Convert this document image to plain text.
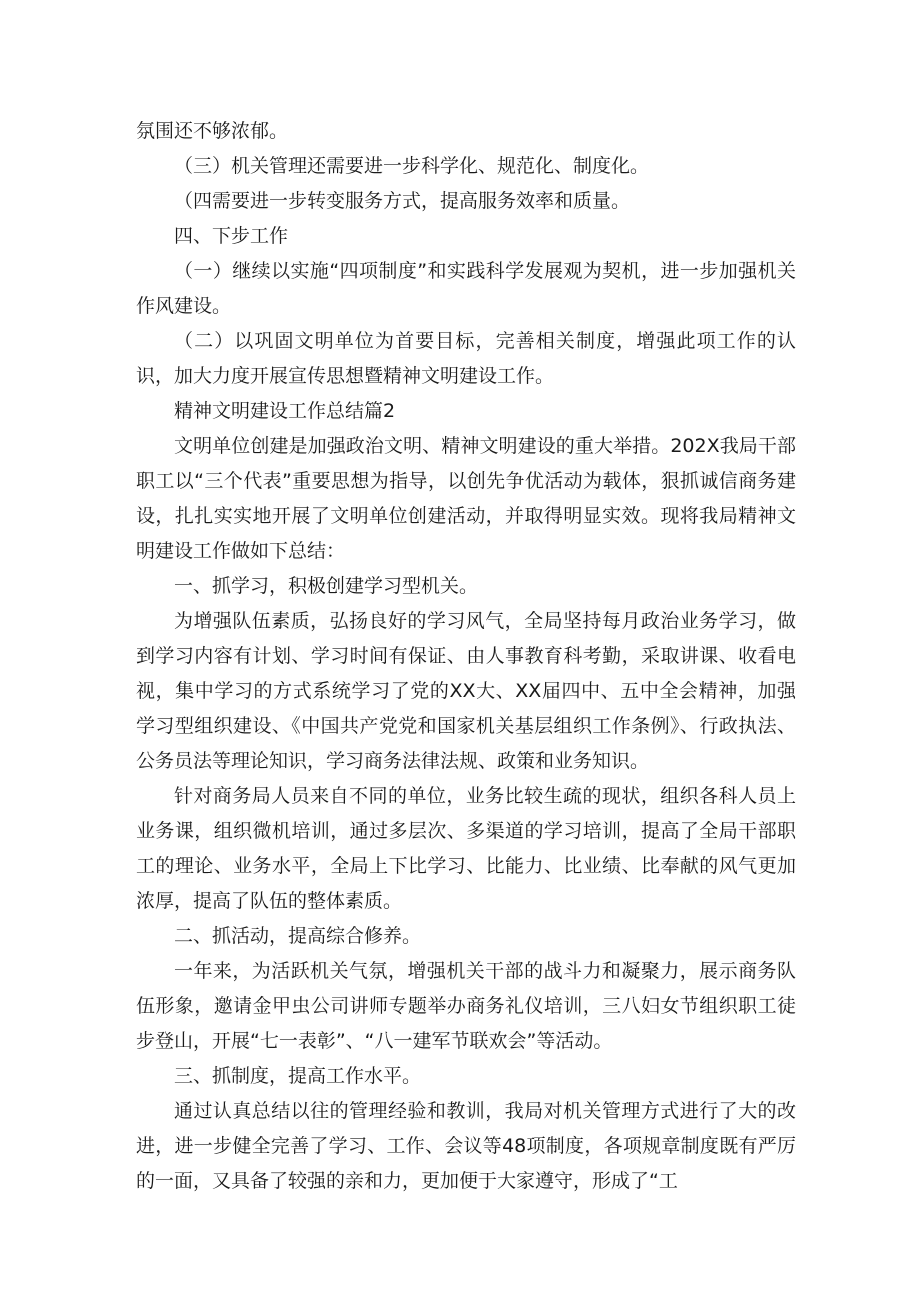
氛围还不够浓郁。

（三）机关管理还需要进一步科学化、规范化、制度化。

（四需要进一步转变服务方式，提高服务效率和质量。

四、下步工作

（一）继续以实施“四项制度”和实践科学发展观为契机，进一步加强机关作风建设。

（二）以巩固文明单位为首要目标，完善相关制度，增强此项工作的认识，加大力度开展宣传思想暨精神文明建设工作。

精神文明建设工作总结篇2

文明单位创建是加强政治文明、精神文明建设的重大举措。202X我局干部职工以“三个代表”重要思想为指导，以创先争优活动为载体，狠抓诚信商务建设，扎扎实实地开展了文明单位创建活动，并取得明显实效。现将我局精神文明建设工作做如下总结：

一、抓学习，积极创建学习型机关。

为增强队伍素质，弘扬良好的学习风气，全局坚持每月政治业务学习，做到学习内容有计划、学习时间有保证、由人事教育科考勤，采取讲课、收看电视，集中学习的方式系统学习了党的XX大、XX届四中、五中全会精神，加强学习型组织建设、《中国共产党党和国家机关基层组织工作条例》、行政执法、公务员法等理论知识，学习商务法律法规、政策和业务知识。

针对商务局人员来自不同的单位，业务比较生疏的现状，组织各科人员上业务课，组织微机培训，通过多层次、多渠道的学习培训，提高了全局干部职工的理论、业务水平，全局上下比学习、比能力、比业绩、比奉献的风气更加浓厚，提高了队伍的整体素质。

二、抓活动，提高综合修养。

一年来，为活跃机关气氛，增强机关干部的战斗力和凝聚力，展示商务队伍形象，邀请金甲虫公司讲师专题举办商务礼仪培训，三八妇女节组织职工徒步登山，开展“七一表彰”、“八一建军节联欢会”等活动。

三、抓制度，提高工作水平。

通过认真总结以往的管理经验和教训，我局对机关管理方式进行了大的改进，进一步健全完善了学习、工作、会议等48项制度，各项规章制度既有严厉的一面，又具备了较强的亲和力，更加便于大家遵守，形成了“工
